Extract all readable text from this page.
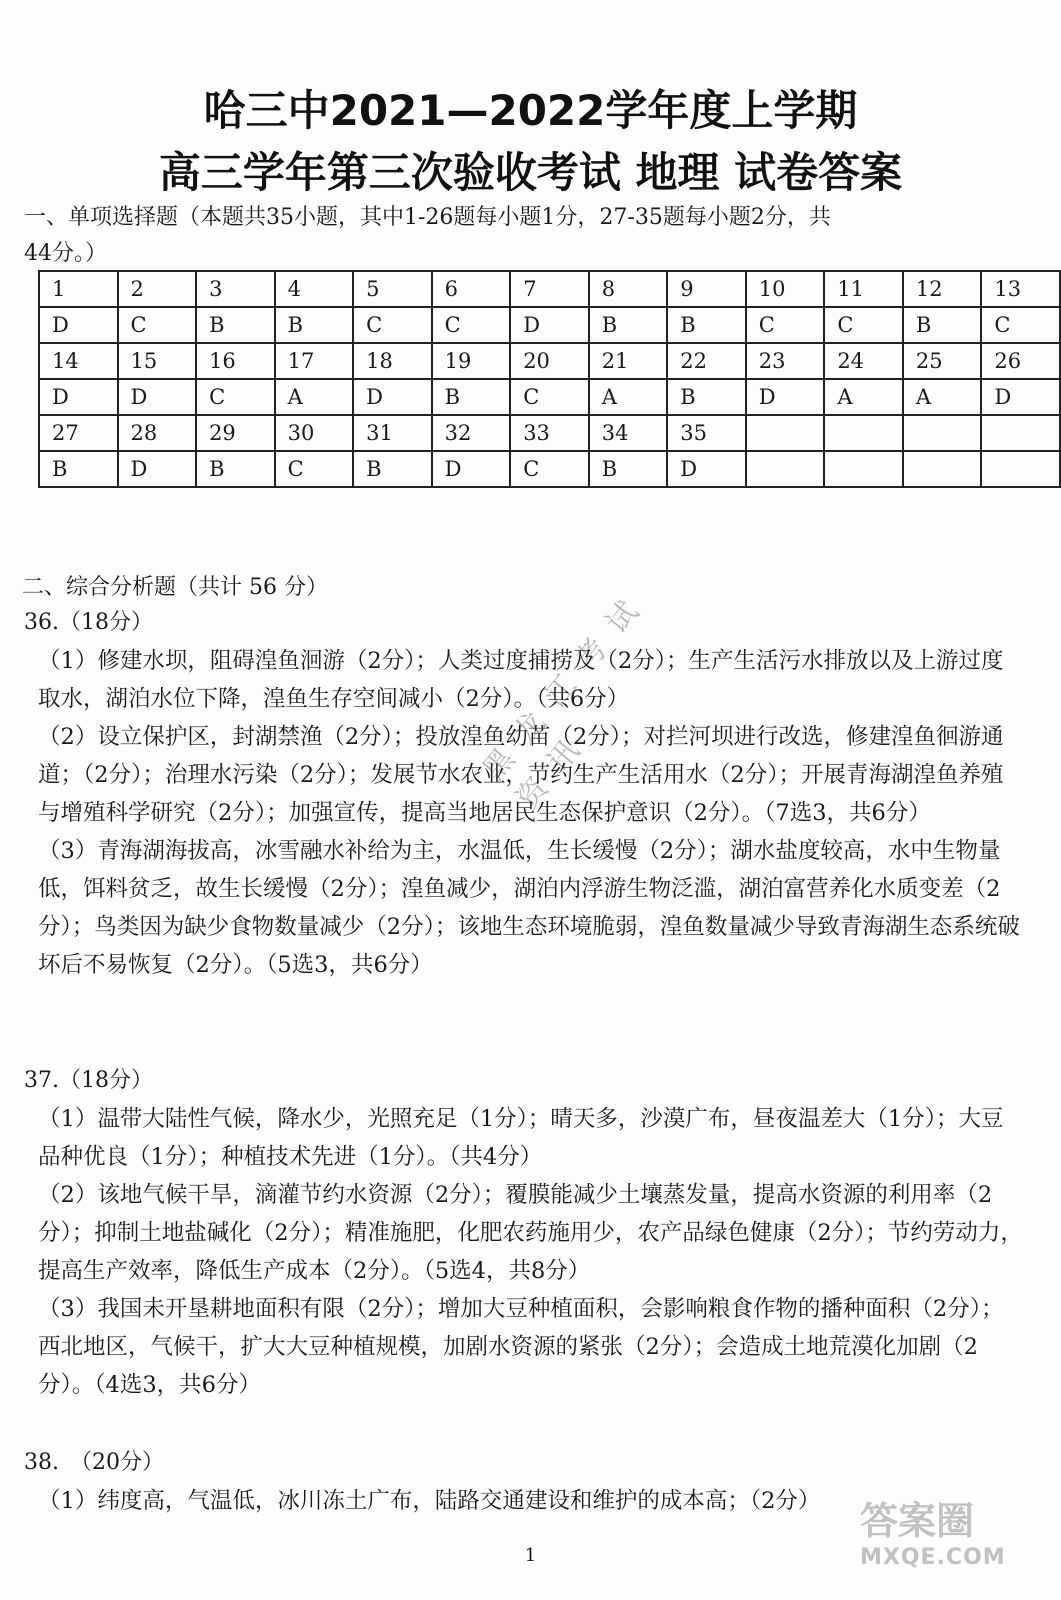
哈三中2021—2022学年度上学期
高三学年第三次验收考试 地理 试卷答案
一、单项选择题（本题共35小题，其中1-26题每小题1分，27-35题每小题2分，共44分。）
1	2	3	4	5	6	7	8	9	10	11	12	13
D	C	B	B	C	C	D	B	B	C	C	B	C
14	15	16	17	18	19	20	21	22	23	24	25	26
D	D	C	A	D	B	C	A	B	D	A	A	D
27	28	29	30	31	32	33	34	35				
B	D	B	C	B	D	C	B	D				
二、综合分析题（共计 56 分）

36.（18分）

（1）修建水坝，阻碍湟鱼洄游（2分）；人类过度捕捞及（2分）；生产生活污水排放以及上游过度取水，湖泊水位下降，湟鱼生存空间减小（2分）。（共6分）

（2）设立保护区，封湖禁渔（2分）；投放湟鱼幼苗（2分）；对拦河坝进行改选，修建湟鱼徊游通道；（2分）；治理水污染（2分）；发展节水农业，节约生产生活用水（2分）；开展青海湖湟鱼养殖与增殖科学研究（2分）；加强宣传，提高当地居民生态保护意识（2分）。（7选3，共6分）

（3）青海湖海拔高，冰雪融水补给为主，水温低，生长缓慢（2分）；湖水盐度较高，水中生物量低，饵料贫乏，故生长缓慢（2分）；湟鱼减少，湖泊内浮游生物泛滥，湖泊富营养化水质变差（2分）；鸟类因为缺少食物数量减少（2分）；该地生态环境脆弱，湟鱼数量减少导致青海湖生态系统破坏后不易恢复（2分）。（5选3，共6分）

37.（18分）

（1）温带大陆性气候，降水少，光照充足（1分）；晴天多，沙漠广布，昼夜温差大（1分）；大豆品种优良（1分）；种植技术先进（1分）。（共4分）

（2）该地气候干旱，滴灌节约水资源（2分）；覆膜能减少土壤蒸发量，提高水资源的利用率（2分）；抑制土地盐碱化（2分）；精准施肥，化肥农药施用少，农产品绿色健康（2分）；节约劳动力，提高生产效率，降低生产成本（2分）。（5选4，共8分）

（3）我国未开垦耕地面积有限（2分）；增加大豆种植面积，会影响粮食作物的播种面积（2分）；西北地区，气候干，扩大大豆种植规模，加剧水资源的紧张（2分）；会造成土地荒漠化加剧（2分）。（4选3，共6分）

38.　（20分）

（1）纬度高，气温低，冰川冻土广布，陆路交通建设和维护的成本高；（2分）

黑龙江考试资讯
答案圈
MXQE.COM
1
